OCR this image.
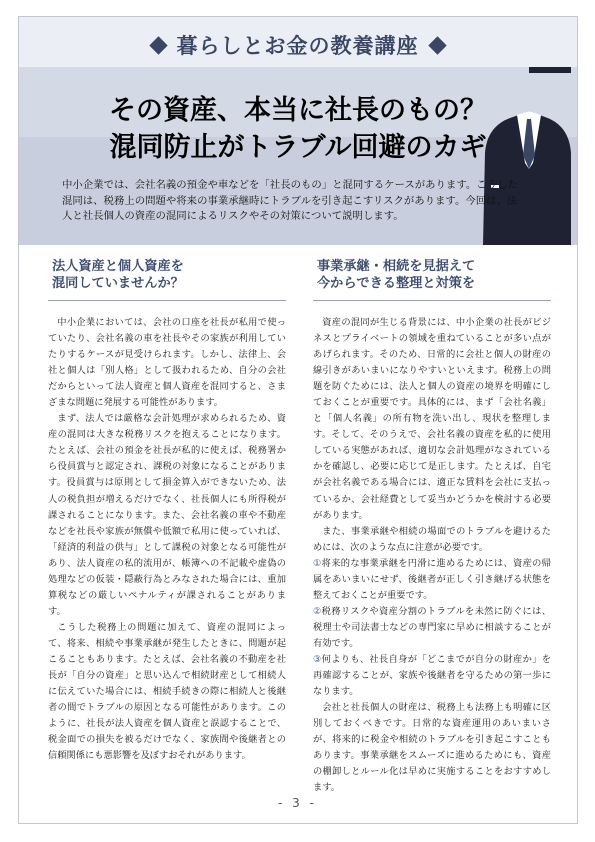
暮らしとお金の教養講座
その資産、本当に社長のもの？
混同防止がトラブル回避のカギ
中小企業では、会社名義の預金や車などを「社長のもの」と混同するケースがあります。こうした混同は、税務上の問題や将来の事業承継時にトラブルを引き起こすリスクがあります。今回は、法人と社長個人の資産の混同によるリスクやその対策について説明します。
法人資産と個人資産を
混同していませんか？

中小企業においては、会社の口座を社長が私用で使っていたり、会社名義の車を社長やその家族が利用していたりするケースが見受けられます。しかし、法律上、会社と個人は「別人格」として扱われるため、自分の会社だからといって法人資産と個人資産を混同すると、さまざまな問題に発展する可能性があります。

まず、法人では厳格な会計処理が求められるため、資産の混同は大きな税務リスクを抱えることになります。たとえば、会社の預金を社長が私的に使えば、税務署から役員賞与と認定され、課税の対象になることがあります。役員賞与は原則として損金算入ができないため、法人の税負担が増えるだけでなく、社長個人にも所得税が課されることになります。また、会社名義の車や不動産などを社長や家族が無償や低額で私用に使っていれば、「経済的利益の供与」として課税の対象となる可能性があり、法人資産の私的流用が、帳簿への不記載や虚偽の処理などの仮装・隠蔽行為とみなされた場合には、重加算税などの厳しいペナルティが課されることがあります。

こうした税務上の問題に加えて、資産の混同によって、将来、相続や事業承継が発生したときに、問題が起こることもあります。たとえば、会社名義の不動産を社長が「自分の資産」と思い込んで相続財産として相続人に伝えていた場合には、相続手続きの際に相続人と後継者の間でトラブルの原因となる可能性があります。このように、社長が法人資産を個人資産と誤認することで、税金面での損失を被るだけでなく、家族間や後継者との信頼関係にも悪影響を及ぼすおそれがあります。

事業承継・相続を見据えて
今からできる整理と対策を

資産の混同が生じる背景には、中小企業の社長がビジネスとプライベートの領域を重ねていることが多い点があげられます。そのため、日常的に会社と個人の財産の線引きがあいまいになりやすいといえます。税務上の問題を防ぐためには、法人と個人の資産の境界を明確にしておくことが重要です。具体的には、まず「会社名義」と「個人名義」の所有物を洗い出し、現状を整理します。そして、そのうえで、会社名義の資産を私的に使用している実態があれば、適切な会計処理がなされているかを確認し、必要に応じて是正します。たとえば、自宅が会社名義である場合には、適正な賃料を会社に支払っているか、会社経費として妥当かどうかを検討する必要があります。

また、事業承継や相続の場面でのトラブルを避けるためには、次のような点に注意が必要です。

①将来的な事業承継を円滑に進めるためには、資産の帰属をあいまいにせず、後継者が正しく引き継げる状態を整えておくことが重要です。

②税務リスクや資産分割のトラブルを未然に防ぐには、税理士や司法書士などの専門家に早めに相談することが有効です。

③何よりも、社長自身が「どこまでが自分の財産か」を再確認することが、家族や後継者を守るための第一歩になります。

会社と社長個人の財産は、税務上も法務上も明確に区別しておくべきです。日常的な資産運用のあいまいさが、将来的に税金や相続のトラブルを引き起こすこともあります。事業承継をスムーズに進めるためにも、資産の棚卸しとルール化は早めに実施することをおすすめします。

- 3 -
